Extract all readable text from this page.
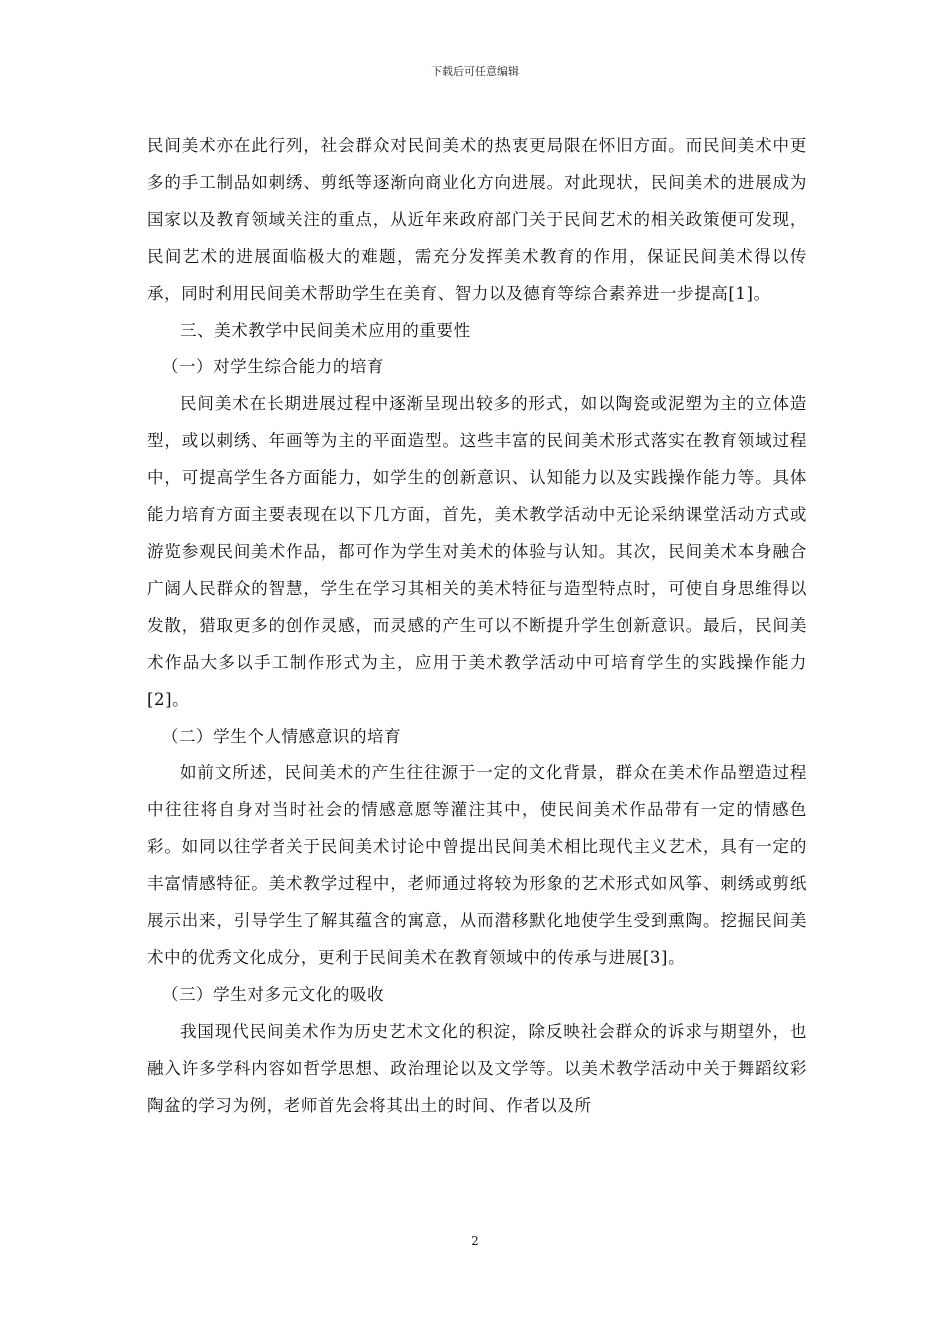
下载后可任意编辑

民间美术亦在此行列，社会群众对民间美术的热衷更局限在怀旧方面。而民间美术中更多的手工制品如刺绣、剪纸等逐渐向商业化方向进展。对此现状，民间美术的进展成为国家以及教育领域关注的重点，从近年来政府部门关于民间艺术的相关政策便可发现，民间艺术的进展面临极大的难题，需充分发挥美术教育的作用，保证民间美术得以传承，同时利用民间美术帮助学生在美育、智力以及德育等综合素养进一步提高[1]。

三、美术教学中民间美术应用的重要性

（一）对学生综合能力的培育

民间美术在长期进展过程中逐渐呈现出较多的形式，如以陶瓷或泥塑为主的立体造型，或以刺绣、年画等为主的平面造型。这些丰富的民间美术形式落实在教育领域过程中，可提高学生各方面能力，如学生的创新意识、认知能力以及实践操作能力等。具体能力培育方面主要表现在以下几方面，首先，美术教学活动中无论采纳课堂活动方式或游览参观民间美术作品，都可作为学生对美术的体验与认知。其次，民间美术本身融合广阔人民群众的智慧，学生在学习其相关的美术特征与造型特点时，可使自身思维得以发散，猎取更多的创作灵感，而灵感的产生可以不断提升学生创新意识。最后，民间美术作品大多以手工制作形式为主，应用于美术教学活动中可培育学生的实践操作能力[2]。

（二）学生个人情感意识的培育

如前文所述，民间美术的产生往往源于一定的文化背景，群众在美术作品塑造过程中往往将自身对当时社会的情感意愿等灌注其中，使民间美术作品带有一定的情感色彩。如同以往学者关于民间美术讨论中曾提出民间美术相比现代主义艺术，具有一定的丰富情感特征。美术教学过程中，老师通过将较为形象的艺术形式如风筝、刺绣或剪纸展示出来，引导学生了解其蕴含的寓意，从而潜移默化地使学生受到熏陶。挖掘民间美术中的优秀文化成分，更利于民间美术在教育领域中的传承与进展[3]。

（三）学生对多元文化的吸收

我国现代民间美术作为历史艺术文化的积淀，除反映社会群众的诉求与期望外，也融入许多学科内容如哲学思想、政治理论以及文学等。以美术教学活动中关于舞蹈纹彩陶盆的学习为例，老师首先会将其出土的时间、作者以及所

2
